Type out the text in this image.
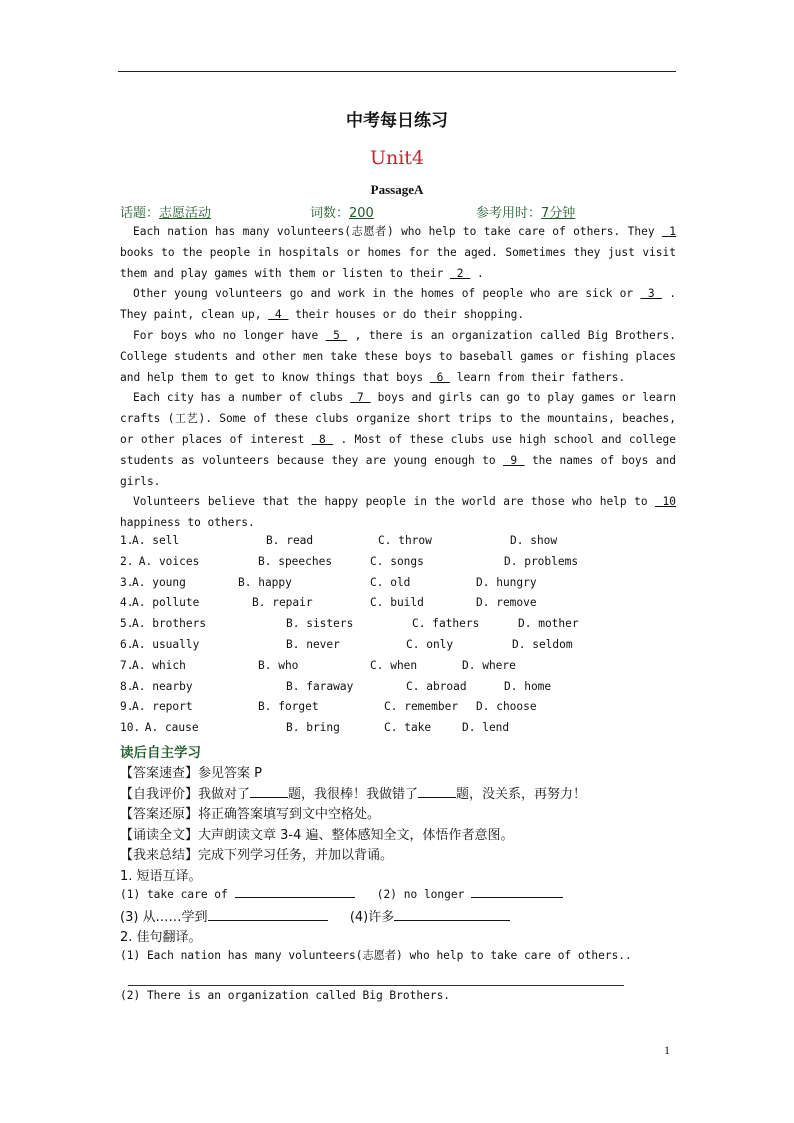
中考每日练习
Unit4
PassageA
话题：志愿活动	词数：200	参考用时：7分钟

Each nation has many volunteers(志愿者) who help to take care of others. They  1 books to the people in hospitals or homes for the aged. Sometimes they just visit them and play games with them or listen to their  2  .

Other young volunteers go and work in the homes of people who are sick or  3  . They paint, clean up,  4  their houses or do their shopping.

For boys who no longer have  5  , there is an organization called Big Brothers. College students and other men take these boys to baseball games or fishing places and help them to get to know things that boys  6  learn from their fathers.

Each city has a number of clubs  7  boys and girls can go to play games or learn crafts (工艺). Some of these clubs organize short trips to the mountains, beaches, or other places of interest  8  . Most of these clubs use high school and college students as volunteers because they are young enough to  9  the names of boys and girls.

Volunteers believe that the happy people in the world are those who help to  10 happiness to others.

1.
A. sell	B. read	C. throw	D. show
2.
A. voices	B. speeches	C. songs	D. problems
3.
A. young	B. happy	C. old	D. hungry
4.
A. pollute	B. repair	C. build	D. remove
5.
A. brothers	B. sisters	C. fathers	D. mother
6.
A. usually	B. never	C. only	D. seldom
7.
A. which	B. who	C. when	D. where
8.
A. nearby	B. faraway	C. abroad	D. home
9.
A. report	B. forget	C. remember D. choose
10.
A. cause	B. bring	C. take	D. lend
读后自主学习
【答案速查】参见答案 P
【自我评价】我做对了	题，我很棒！我做错了	题，没关系，再努力！
【答案还原】将正确答案填写到文中空格处。
【诵读全文】大声朗读文章 3-4 遍、整体感知全文，体悟作者意图。
【我来总结】完成下列学习任务，并加以背诵。
1. 短语互译。
(1) take care of	(2) no longer
(3) 从……学到	(4)许多
2. 佳句翻译。
(1) Each nation has many volunteers(志愿者) who help to take care of others..
(2) There is an organization called Big Brothers.
1
